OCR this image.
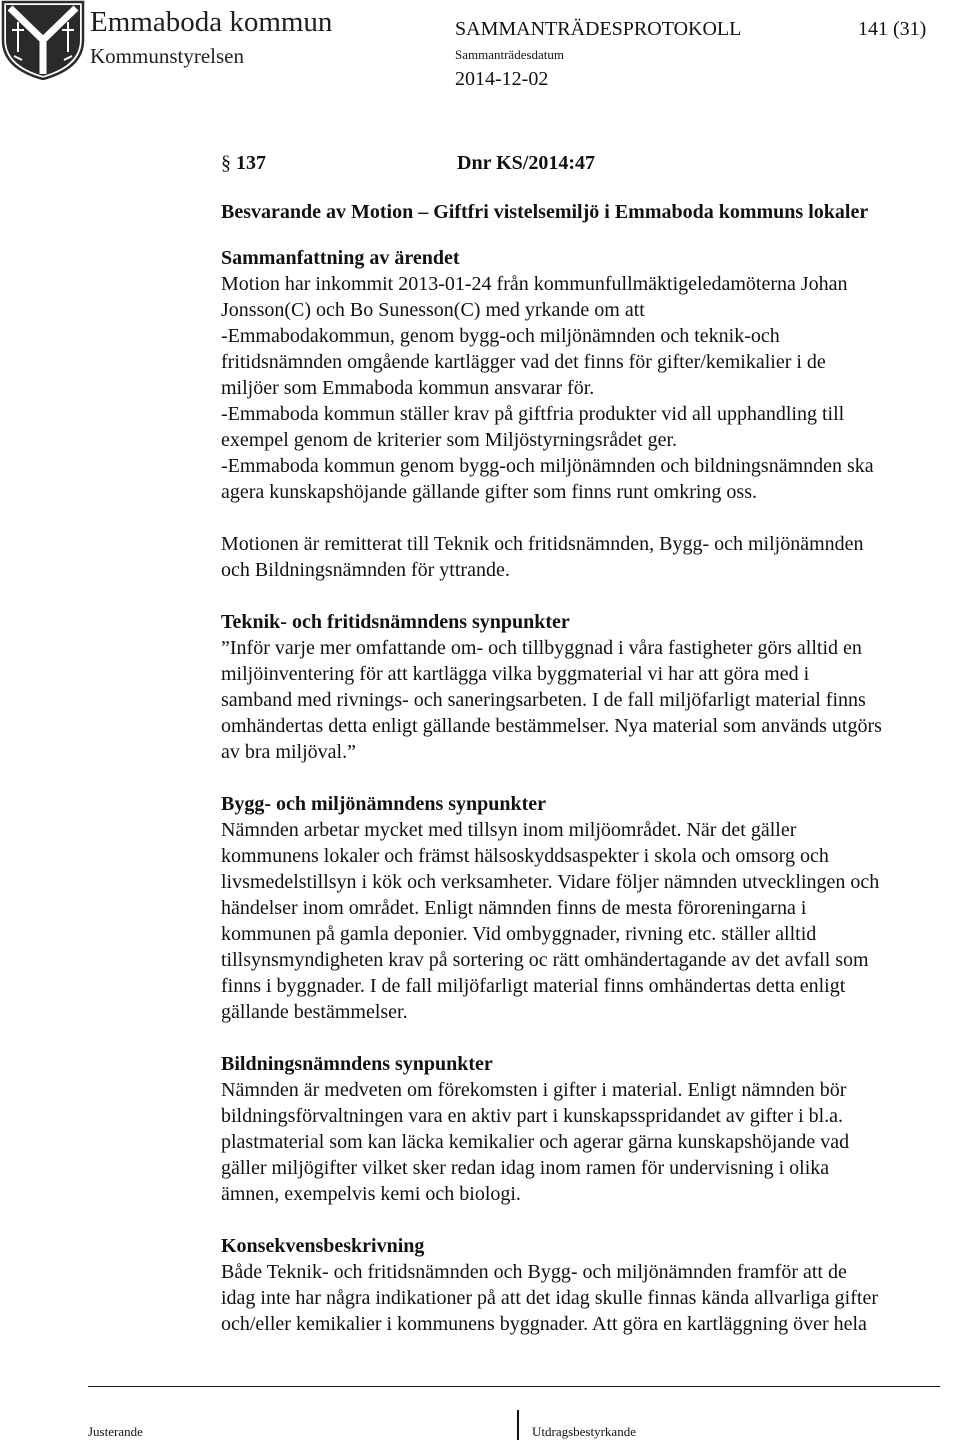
Emmaboda kommun
Kommunstyrelsen
SAMMANTRÄDESPROTOKOLL	141 (31)
Sammanträdesdatum
2014-12-02

§ 137	Dnr KS/2014:47

Besvarande av Motion – Giftfri vistelsemiljö i Emmaboda kommuns lokaler

Sammanfattning av ärendet

Motion har inkommit 2013-01-24 från kommunfullmäktigeledamöterna Johan
Jonsson(C) och Bo Sunesson(C) med yrkande om att
-Emmabodakommun, genom bygg-och miljönämnden och teknik-och
fritidsnämnden omgående kartlägger vad det finns för gifter/kemikalier i de
miljöer som Emmaboda kommun ansvarar för.
-Emmaboda kommun ställer krav på giftfria produkter vid all upphandling till
exempel genom de kriterier som Miljöstyrningsrådet ger.
-Emmaboda kommun genom bygg-och miljönämnden och bildningsnämnden ska
agera kunskapshöjande gällande gifter som finns runt omkring oss.
Motionen är remitterat till Teknik och fritidsnämnden, Bygg- och miljönämnden
och Bildningsnämnden för yttrande.

Teknik- och fritidsnämndens synpunkter

”Inför varje mer omfattande om- och tillbyggnad i våra fastigheter görs alltid en
miljöinventering för att kartlägga vilka byggmaterial vi har att göra med i
samband med rivnings- och saneringsarbeten. I de fall miljöfarligt material finns
omhändertas detta enligt gällande bestämmelser. Nya material som används utgörs
av bra miljöval.”

Bygg- och miljönämndens synpunkter

Nämnden arbetar mycket med tillsyn inom miljöområdet. När det gäller
kommunens lokaler och främst hälsoskyddsaspekter i skola och omsorg och
livsmedelstillsyn i kök och verksamheter. Vidare följer nämnden utvecklingen och
händelser inom området. Enligt nämnden finns de mesta föroreningarna i
kommunen på gamla deponier. Vid ombyggnader, rivning etc. ställer alltid
tillsynsmyndigheten krav på sortering oc rätt omhändertagande av det avfall som
finns i byggnader. I de fall miljöfarligt material finns omhändertas detta enligt
gällande bestämmelser.

Bildningsnämndens synpunkter

Nämnden är medveten om förekomsten i gifter i material. Enligt nämnden bör
bildningsförvaltningen vara en aktiv part i kunskapsspridandet av gifter i bl.a.
plastmaterial som kan läcka kemikalier och agerar gärna kunskapshöjande vad
gäller miljögifter vilket sker redan idag inom ramen för undervisning i olika
ämnen, exempelvis kemi och biologi.

Konsekvensbeskrivning

Både Teknik- och fritidsnämnden och Bygg- och miljönämnden framför att de
idag inte har några indikationer på att det idag skulle finnas kända allvarliga gifter
och/eller kemikalier i kommunens byggnader. Att göra en kartläggning över hela
Justerande	Utdragsbestyrkande
